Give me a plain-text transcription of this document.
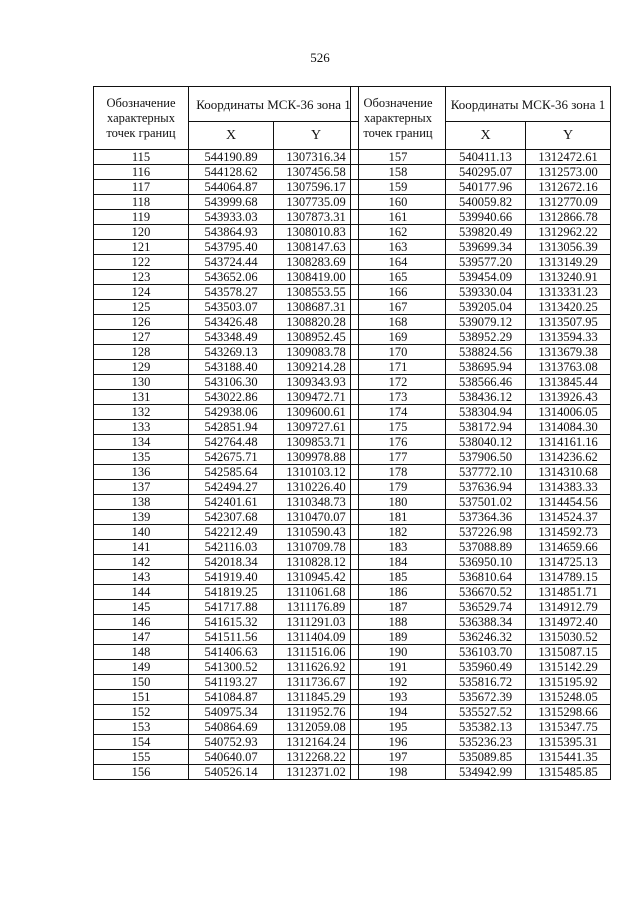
526
Обозначение характерных точек границ	Координаты МСК-36 зона 1	
	X	Y
115	544190.89	1307316.34
116	544128.62	1307456.58
117	544064.87	1307596.17
118	543999.68	1307735.09
119	543933.03	1307873.31
120	543864.93	1308010.83
121	543795.40	1308147.63
122	543724.44	1308283.69
123	543652.06	1308419.00
124	543578.27	1308553.55
125	543503.07	1308687.31
126	543426.48	1308820.28
127	543348.49	1308952.45
128	543269.13	1309083.78
129	543188.40	1309214.28
130	543106.30	1309343.93
131	543022.86	1309472.71
132	542938.06	1309600.61
133	542851.94	1309727.61
134	542764.48	1309853.71
135	542675.71	1309978.88
136	542585.64	1310103.12
137	542494.27	1310226.40
138	542401.61	1310348.73
139	542307.68	1310470.07
140	542212.49	1310590.43
141	542116.03	1310709.78
142	542018.34	1310828.12
143	541919.40	1310945.42
144	541819.25	1311061.68
145	541717.88	1311176.89
146	541615.32	1311291.03
147	541511.56	1311404.09
148	541406.63	1311516.06
149	541300.52	1311626.92
150	541193.27	1311736.67
151	541084.87	1311845.29
152	540975.34	1311952.76
153	540864.69	1312059.08
154	540752.93	1312164.24
155	540640.07	1312268.22
156	540526.14	1312371.02
Обозначение характерных точек границ	Координаты МСК-36 зона 1	
	X	Y
157	540411.13	1312472.61
158	540295.07	1312573.00
159	540177.96	1312672.16
160	540059.82	1312770.09
161	539940.66	1312866.78
162	539820.49	1312962.22
163	539699.34	1313056.39
164	539577.20	1313149.29
165	539454.09	1313240.91
166	539330.04	1313331.23
167	539205.04	1313420.25
168	539079.12	1313507.95
169	538952.29	1313594.33
170	538824.56	1313679.38
171	538695.94	1313763.08
172	538566.46	1313845.44
173	538436.12	1313926.43
174	538304.94	1314006.05
175	538172.94	1314084.30
176	538040.12	1314161.16
177	537906.50	1314236.62
178	537772.10	1314310.68
179	537636.94	1314383.33
180	537501.02	1314454.56
181	537364.36	1314524.37
182	537226.98	1314592.73
183	537088.89	1314659.66
184	536950.10	1314725.13
185	536810.64	1314789.15
186	536670.52	1314851.71
187	536529.74	1314912.79
188	536388.34	1314972.40
189	536246.32	1315030.52
190	536103.70	1315087.15
191	535960.49	1315142.29
192	535816.72	1315195.92
193	535672.39	1315248.05
194	535527.52	1315298.66
195	535382.13	1315347.75
196	535236.23	1315395.31
197	535089.85	1315441.35
198	534942.99	1315485.85
